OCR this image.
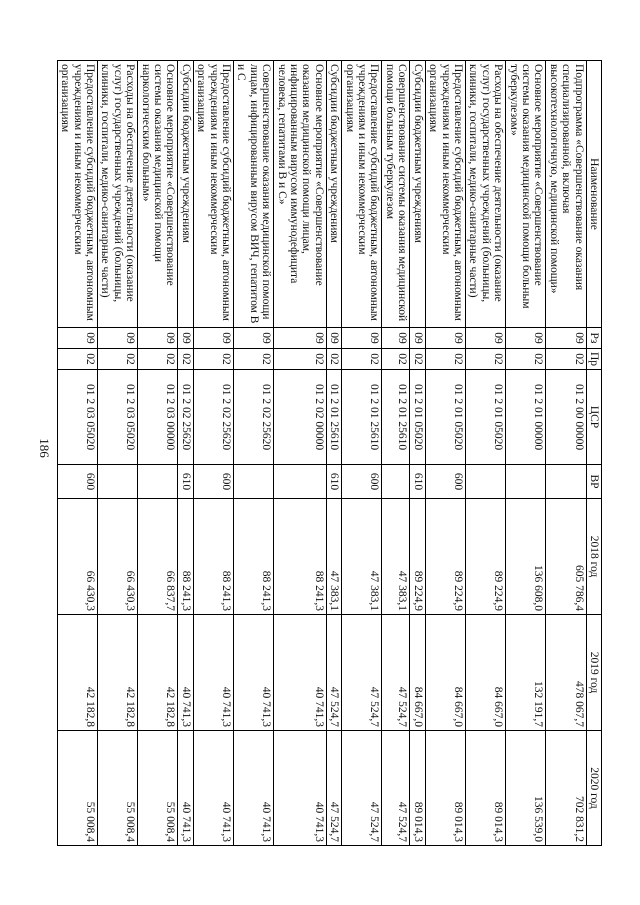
186
Наименование	Рз	Пр	ЦСР	ВР	2018 год	2019 год	2020 год
Подпрограмма «Совершенствование оказания специализированной, включая высокотехнологичную, медицинской помощи»	09	02	01 2 00 00000		605 786,4	478 067,7	702 831,2
Основное мероприятие «Совершенствование системы оказания медицинской помощи больным туберкулезом»	09	02	01 2 01 00000		136 608,0	132 191,7	136 539,0
Расходы на обеспечение деятельности (оказание услуг) государственных учреждений (больницы, клиники, госпитали, медико-санитарные части)	09	02	01 2 01 05020		89 224,9	84 667,0	89 014,3
Предоставление субсидий бюджетным, автономным учреждениям и иным некоммерческим организациям	09	02	01 2 01 05020	600	89 224,9	84 667,0	89 014,3
Субсидии бюджетным учреждениям	09	02	01 2 01 05020	610	89 224,9	84 667,0	89 014,3
Совершенствование системы оказания медицинской помощи больным туберкулезом	09	02	01 2 01 25610		47 383,1	47 524,7	47 524,7
Предоставление субсидий бюджетным, автономным учреждениям и иным некоммерческим организациям	09	02	01 2 01 25610	600	47 383,1	47 524,7	47 524,7
Субсидии бюджетным учреждениям	09	02	01 2 01 25610	610	47 383,1	47 524,7	47 524,7
Основное мероприятие «Совершенствование оказания медицинской помощи лицам, инфицированным вирусом иммунодефицита человека, гепатитами В и С»	09	02	01 2 02 00000		88 241,3	40 741,3	40 741,3
Совершенствование оказания медицинской помощи лицам, инфицированным вирусом ВИЧ, гепатитом В и С	09	02	01 2 02 25620		88 241,3	40 741,3	40 741,3
Предоставление субсидий бюджетным, автономным учреждениям и иным некоммерческим организациям	09	02	01 2 02 25620	600	88 241,3	40 741,3	40 741,3
Субсидии бюджетным учреждениям	09	02	01 2 02 25620	610	88 241,3	40 741,3	40 741,3
Основное мероприятие «Совершенствование системы оказания медицинской помощи наркологическим больным»	09	02	01 2 03 00000		66 837,7	42 182,8	55 008,4
Расходы на обеспечение деятельности (оказание услуг) государственных учреждений (больницы, клиники, госпитали, медико-санитарные части)	09	02	01 2 03 05020		66 430,3	42 182,8	55 008,4
Предоставление субсидий бюджетным, автономным учреждениям и иным некоммерческим организациям	09	02	01 2 03 05020	600	66 430,3	42 182,8	55 008,4
